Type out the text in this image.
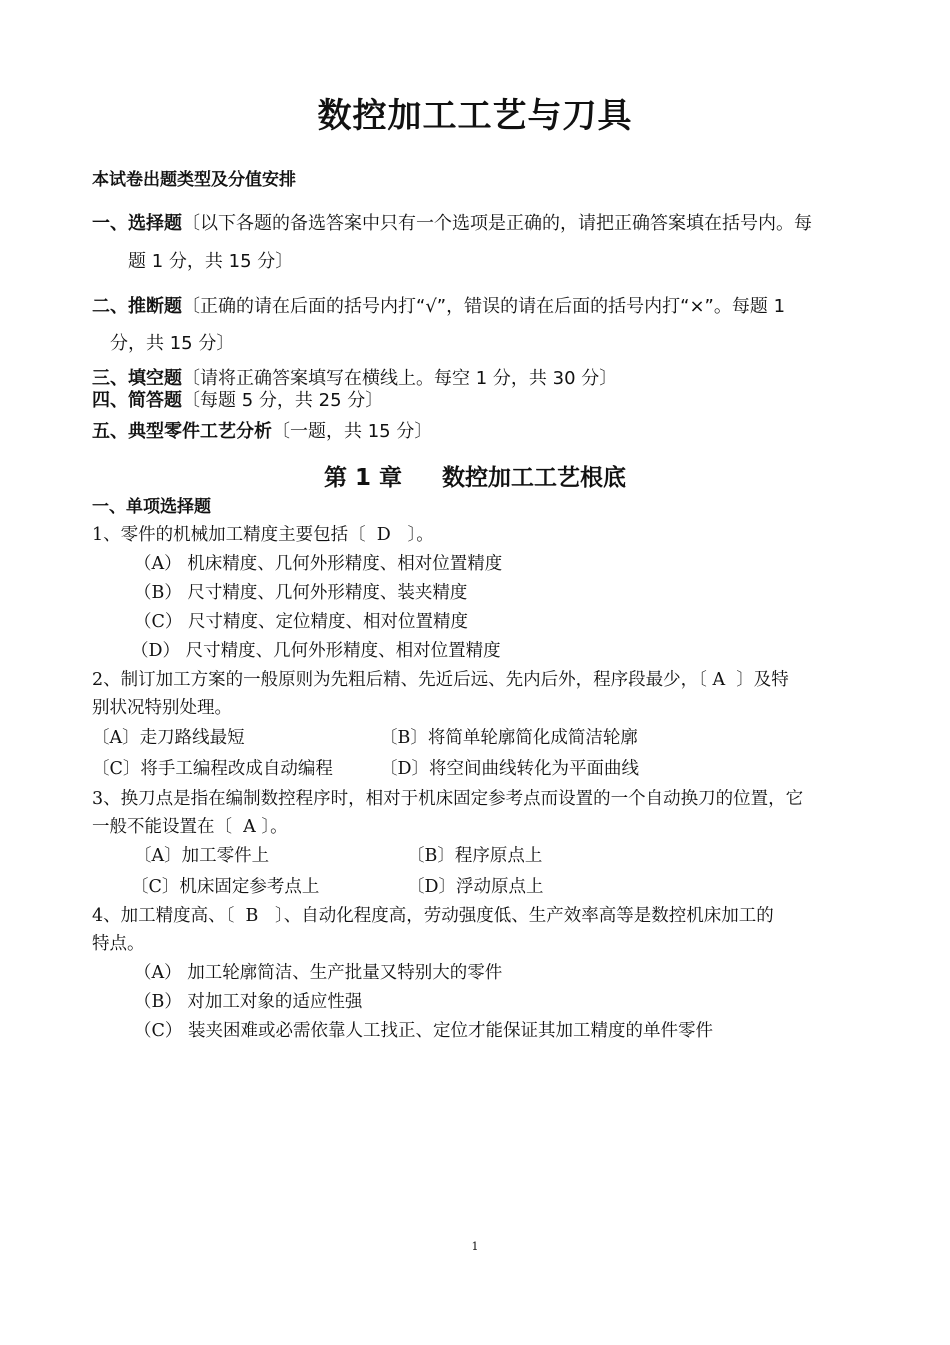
数控加工工艺与刀具
本试卷出题类型及分值安排
一、选择题〔以下各题的备选答案中只有一个选项是正确的，请把正确答案填在括号内。每
题 1 分，共 15 分〕
二、推断题〔正确的请在后面的括号内打“√”，错误的请在后面的括号内打“×”。每题 1
分，共 15 分〕
三、填空题〔请将正确答案填写在横线上。每空 1 分，共 30 分〕
四、简答题〔每题 5 分，共 25 分〕
五、典型零件工艺分析〔一题，共 15 分〕
第 1 章     数控加工工艺根底
一、单项选择题
1、零件的机械加工精度主要包括〔  D   〕。
（A） 机床精度、几何外形精度、相对位置精度
（B） 尺寸精度、几何外形精度、装夹精度
（C） 尺寸精度、定位精度、相对位置精度
（D） 尺寸精度、几何外形精度、相对位置精度
2、制订加工方案的一般原则为先粗后精、先近后远、先内后外，程序段最少，〔 A  〕及特
别状况特别处理。
〔A〕走刀路线最短	〔B〕将简单轮廓简化成简洁轮廓
〔C〕将手工编程改成自动编程	〔D〕将空间曲线转化为平面曲线
3、换刀点是指在编制数控程序时，相对于机床固定参考点而设置的一个自动换刀的位置，它
一般不能设置在〔  A 〕。
〔A〕加工零件上	〔B〕程序原点上
〔C〕机床固定参考点上	〔D〕浮动原点上
4、加工精度高、〔  B   〕、自动化程度高，劳动强度低、生产效率高等是数控机床加工的
特点。
（A） 加工轮廓简洁、生产批量又特别大的零件
（B） 对加工对象的适应性强
（C） 装夹困难或必需依靠人工找正、定位才能保证其加工精度的单件零件
1
